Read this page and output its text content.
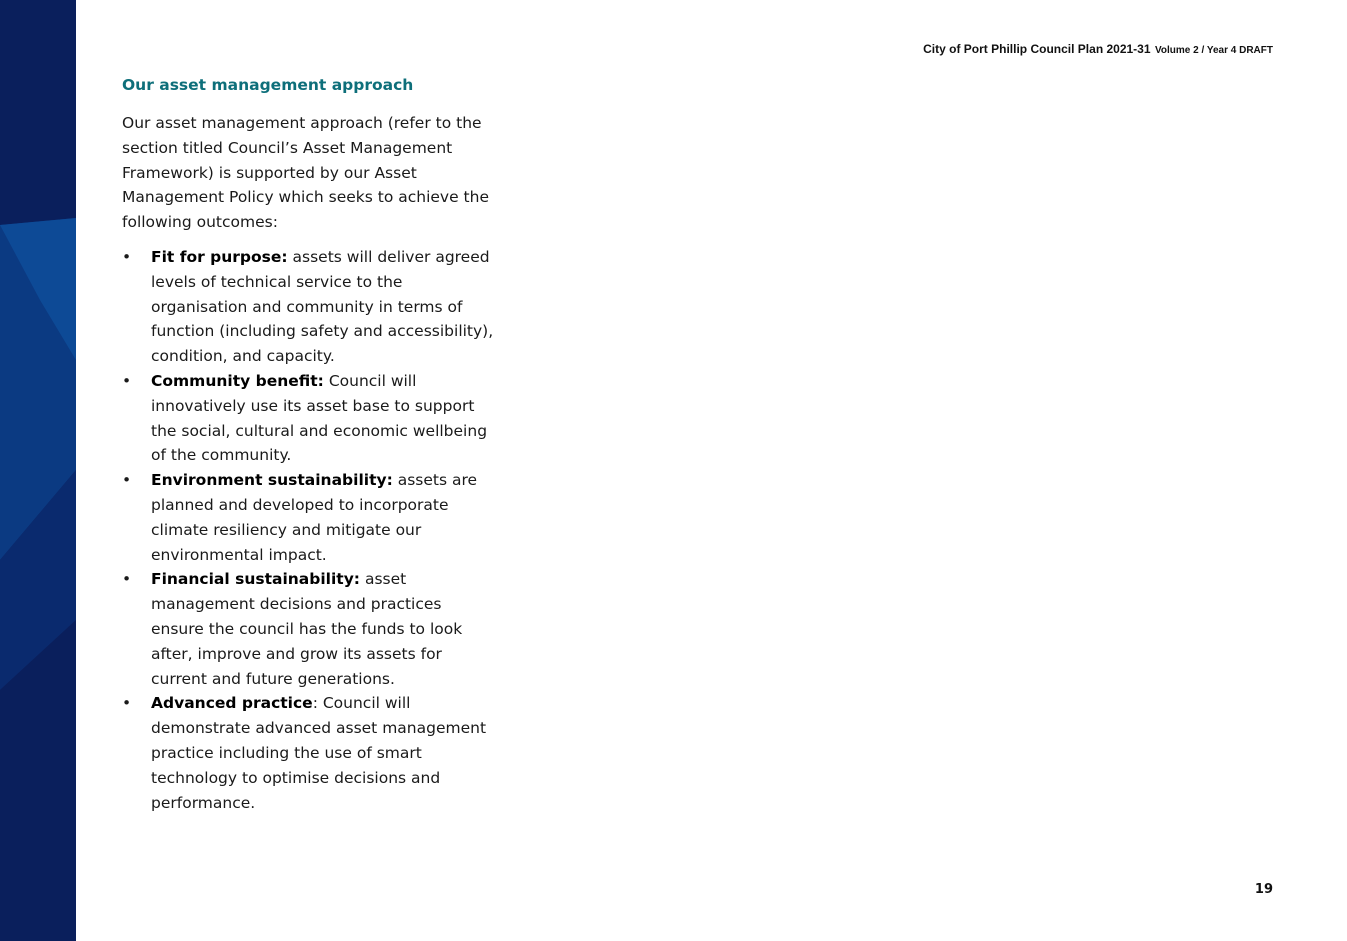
City of Port Phillip Council Plan 2021-31 Volume 2 / Year 4 DRAFT
Our asset management approach

Our asset management approach (refer to the section titled Council’s Asset Management Framework) is supported by our Asset Management Policy which seeks to achieve the following outcomes:

• Fit for purpose: assets will deliver agreed levels of technical service to the organisation and community in terms of function (including safety and accessibility), condition, and capacity.
• Community benefit: Council will innovatively use its asset base to support the social, cultural and economic wellbeing of the community.
• Environment sustainability: assets are planned and developed to incorporate climate resiliency and mitigate our environmental impact.
• Financial sustainability: asset management decisions and practices ensure the council has the funds to look after, improve and grow its assets for current and future generations.
• Advanced practice: Council will demonstrate advanced asset management practice including the use of smart technology to optimise decisions and performance.
19
